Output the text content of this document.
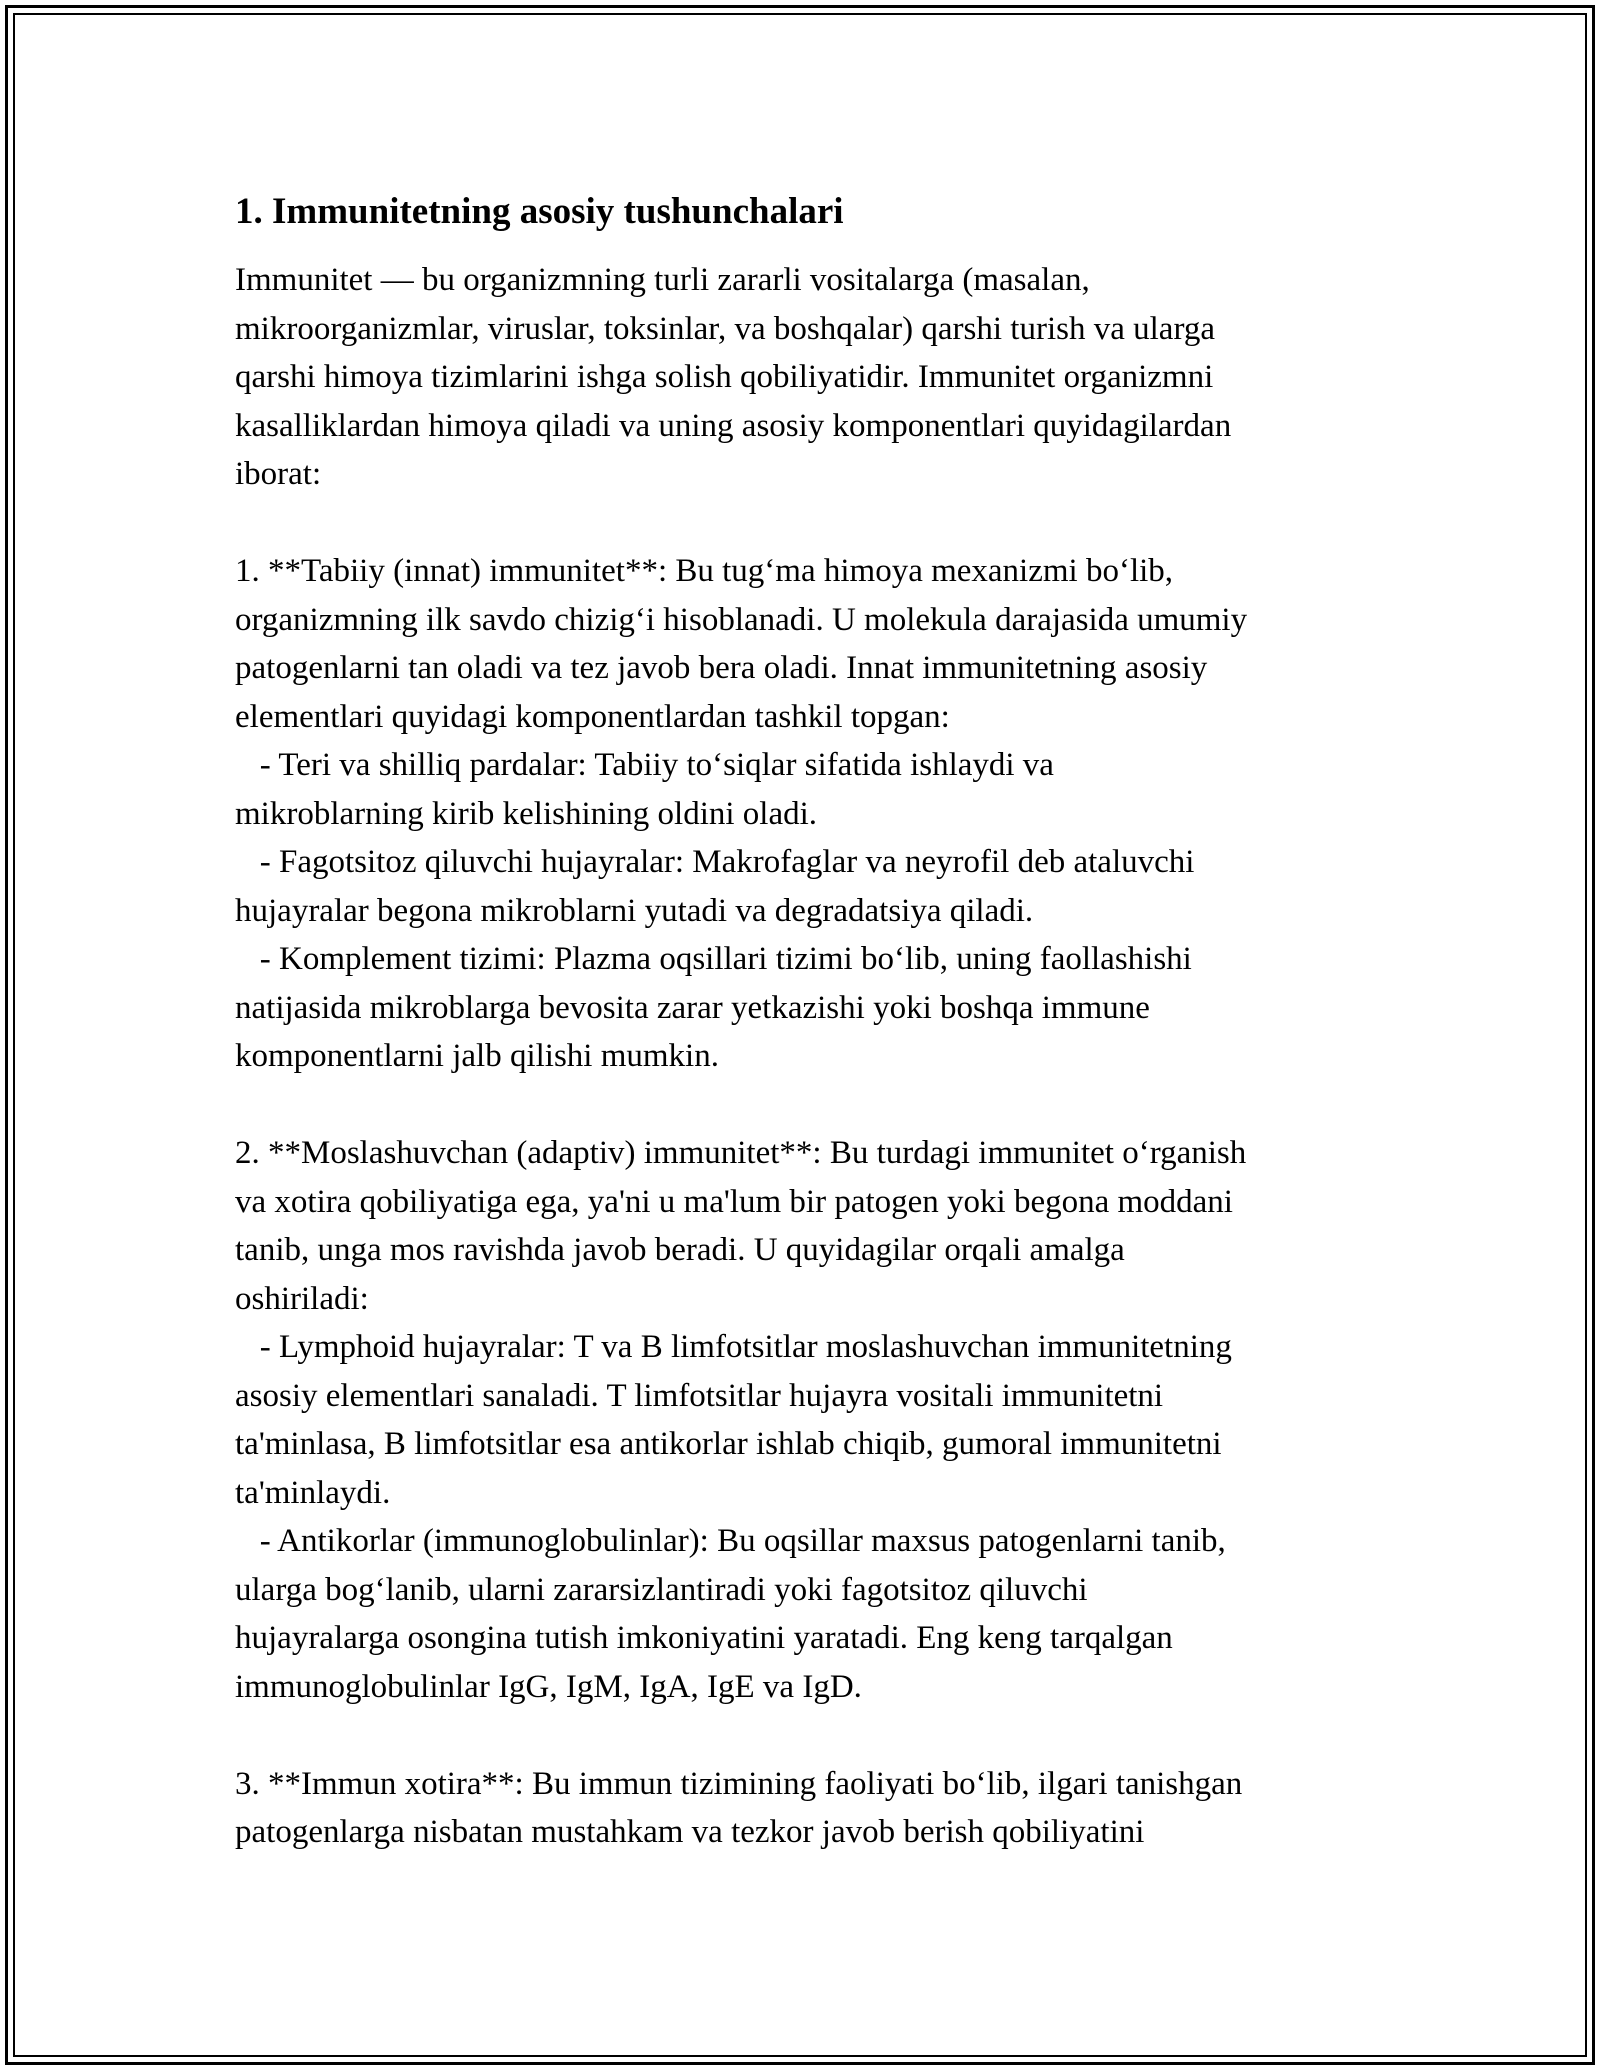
1. Immunitetning asosiy tushunchalari
Immunitet — bu organizmning turli zararli vositalarga (masalan,
mikroorganizmlar, viruslar, toksinlar, va boshqalar) qarshi turish va ularga
qarshi himoya tizimlarini ishga solish qobiliyatidir. Immunitet organizmni
kasalliklardan himoya qiladi va uning asosiy komponentlari quyidagilardan
iborat:
1. **Tabiiy (innat) immunitet**: Bu tug‘ma himoya mexanizmi bo‘lib,
organizmning ilk savdo chizig‘i hisoblanadi. U molekula darajasida umumiy
patogenlarni tan oladi va tez javob bera oladi. Innat immunitetning asosiy
elementlari quyidagi komponentlardan tashkil topgan:
- Teri va shilliq pardalar: Tabiiy to‘siqlar sifatida ishlaydi va
mikroblarning kirib kelishining oldini oladi.
- Fagotsitoz qiluvchi hujayralar: Makrofaglar va neyrofil deb ataluvchi
hujayralar begona mikroblarni yutadi va degradatsiya qiladi.
- Komplement tizimi: Plazma oqsillari tizimi bo‘lib, uning faollashishi
natijasida mikroblarga bevosita zarar yetkazishi yoki boshqa immune
komponentlarni jalb qilishi mumkin.
2. **Moslashuvchan (adaptiv) immunitet**: Bu turdagi immunitet o‘rganish
va xotira qobiliyatiga ega, ya'ni u ma'lum bir patogen yoki begona moddani
tanib, unga mos ravishda javob beradi. U quyidagilar orqali amalga
oshiriladi:
- Lymphoid hujayralar: T va B limfotsitlar moslashuvchan immunitetning
asosiy elementlari sanaladi. T limfotsitlar hujayra vositali immunitetni
ta'minlasa, B limfotsitlar esa antikorlar ishlab chiqib, gumoral immunitetni
ta'minlaydi.
- Antikorlar (immunoglobulinlar): Bu oqsillar maxsus patogenlarni tanib,
ularga bog‘lanib, ularni zararsizlantiradi yoki fagotsitoz qiluvchi
hujayralarga osongina tutish imkoniyatini yaratadi. Eng keng tarqalgan
immunoglobulinlar IgG, IgM, IgA, IgE va IgD.
3. **Immun xotira**: Bu immun tizimining faoliyati bo‘lib, ilgari tanishgan
patogenlarga nisbatan mustahkam va tezkor javob berish qobiliyatini
